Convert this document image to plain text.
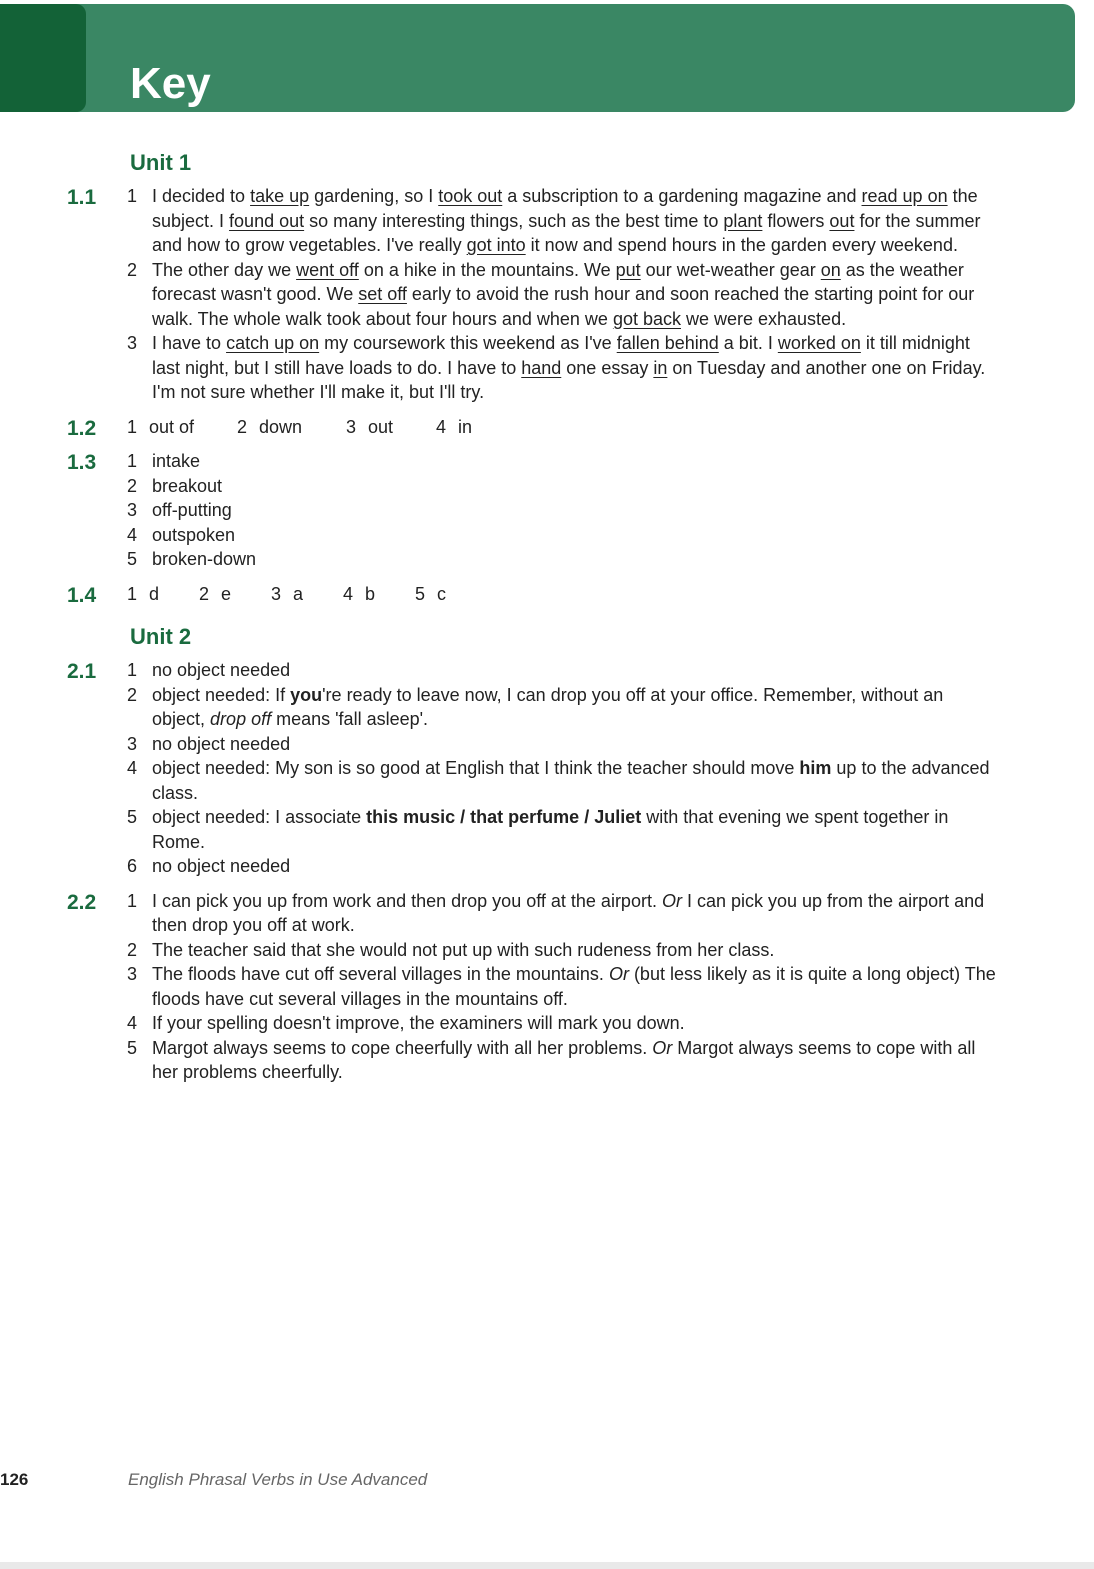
Key
Unit 1
1.1	1 I decided to take up gardening, so I took out a subscription to a gardening magazine and read up on the subject. I found out so many interesting things, such as the best time to plant flowers out for the summer and how to grow vegetables. I've really got into it now and spend hours in the garden every weekend.
2 The other day we went off on a hike in the mountains. We put our wet-weather gear on as the weather forecast wasn't good. We set off early to avoid the rush hour and soon reached the starting point for our walk. The whole walk took about four hours and when we got back we were exhausted.
3 I have to catch up on my coursework this weekend as I've fallen behind a bit. I worked on it till midnight last night, but I still have loads to do. I have to hand one essay in on Tuesday and another one on Friday. I'm not sure whether I'll make it, but I'll try.
1.2	1 out of 2 down 3 out 4 in
1.3	1 intake
2 breakout
3 off-putting
4 outspoken
5 broken-down
1.4	1 d 2 e 3 a 4 b 5 c
Unit 2
2.1	1 no object needed
2 object needed: If you're ready to leave now, I can drop you off at your office. Remember, without an object, drop off means 'fall asleep'.
3 no object needed
4 object needed: My son is so good at English that I think the teacher should move him up to the advanced class.
5 object needed: I associate this music / that perfume / Juliet with that evening we spent together in Rome.
6 no object needed
2.2	1 I can pick you up from work and then drop you off at the airport. Or I can pick you up from the airport and then drop you off at work.
2 The teacher said that she would not put up with such rudeness from her class.
3 The floods have cut off several villages in the mountains. Or (but less likely as it is quite a long object) The floods have cut several villages in the mountains off.
4 If your spelling doesn't improve, the examiners will mark you down.
5 Margot always seems to cope cheerfully with all her problems. Or Margot always seems to cope with all her problems cheerfully.
126	English Phrasal Verbs in Use Advanced
